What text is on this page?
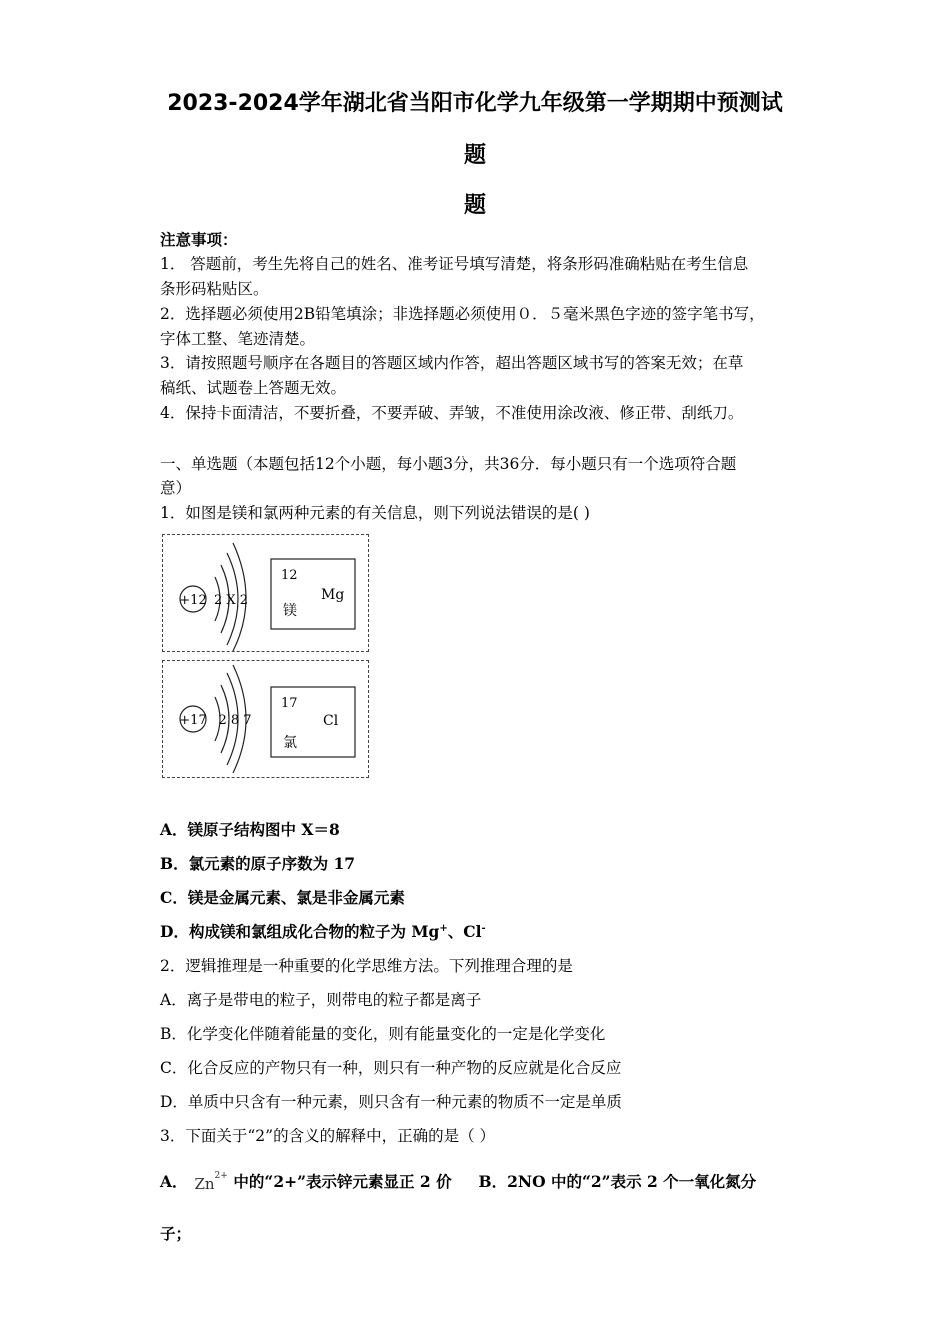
2023-2024学年湖北省当阳市化学九年级第一学期期中预测试
题
题
注意事项：
1． 答题前，考生先将自己的姓名、准考证号填写清楚，将条形码准确粘贴在考生信息
条形码粘贴区。
2．选择题必须使用2B铅笔填涂；非选择题必须使用０．５毫米黑色字迹的签字笔书写，
字体工整、笔迹清楚。
3．请按照题号顺序在各题目的答题区域内作答，超出答题区域书写的答案无效；在草
稿纸、试题卷上答题无效。
4．保持卡面清洁，不要折叠，不要弄破、弄皱，不准使用涂改液、修正带、刮纸刀。
一、单选题（本题包括12个小题，每小题3分，共36分．每小题只有一个选项符合题
意）
1．如图是镁和氯两种元素的有关信息，则下列说法错误的是( )
+12 2 X 2
12
Mg
镁
+17 2 8 7
17
Cl
氯
A．镁原子结构图中 X＝8
B．氯元素的原子序数为 17
C．镁是金属元素、氯是非金属元素
D．构成镁和氯组成化合物的粒子为 Mg+、Cl-
2．逻辑推理是一种重要的化学思维方法。下列推理合理的是
A．离子是带电的粒子，则带电的粒子都是离子
B．化学变化伴随着能量的变化，则有能量变化的一定是化学变化
C．化合反应的产物只有一种，则只有一种产物的反应就是化合反应
D．单质中只含有一种元素，则只含有一种元素的物质不一定是单质
3．下面关于“2”的含义的解释中，正确的是（ ）
A． Zn 2+ 中的“2+”表示锌元素显正 2 价 B．2NO 中的“2”表示 2 个一氧化氮分
子；
